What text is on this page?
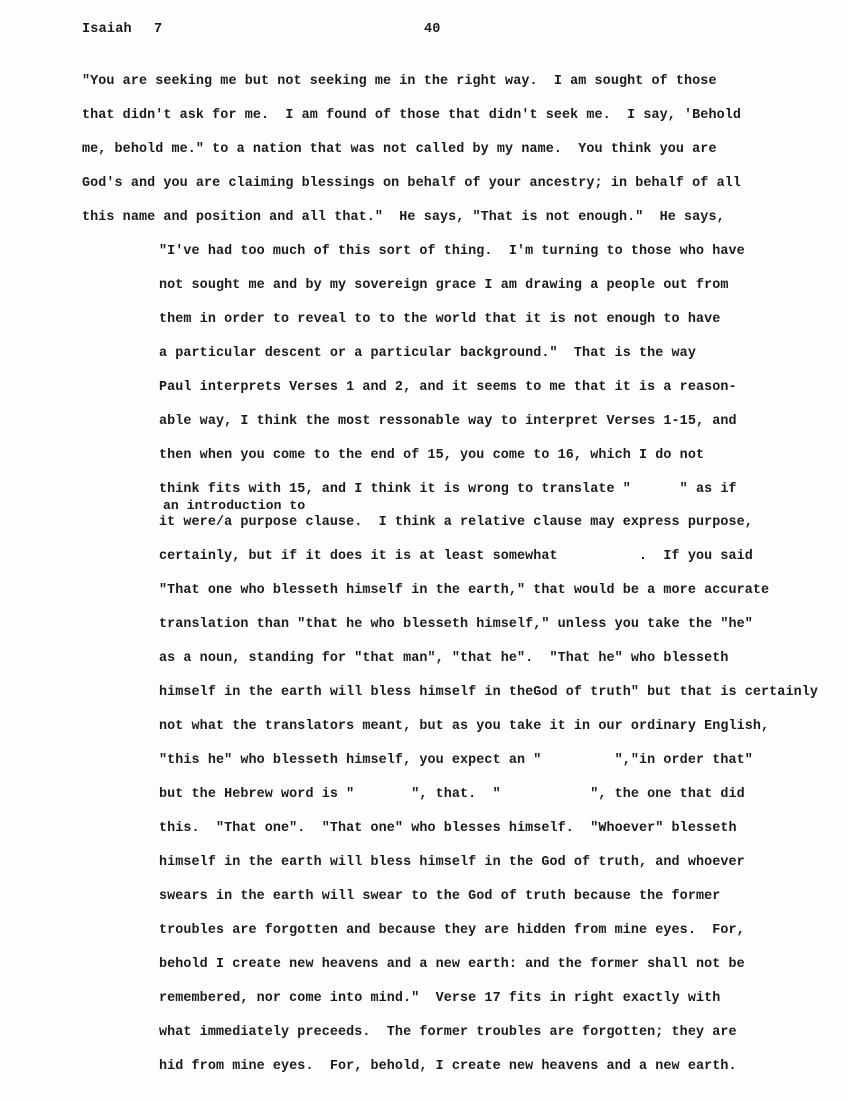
Isaiah 7	40
"You are seeking me but not seeking me in the right way.  I am sought of those
that didn't ask for me.  I am found of those that didn't seek me.  I say, 'Behold
me, behold me." to a nation that was not called by my name.  You think you are
God's and you are claiming blessings on behalf of your ancestry; in behalf of all
this name and position and all that."  He says, "That is not enough."  He says,
"I've had too much of this sort of thing.  I'm turning to those who have
not sought me and by my sovereign grace I am drawing a people out from
them in order to reveal to to the world that it is not enough to have
a particular descent or a particular background."  That is the way
Paul interprets Verses 1 and 2, and it seems to me that it is a reason-
able way, I think the most ressonable way to interpret Verses 1-15, and
then when you come to the end of 15, you come to 16, which I do not
think fits with 15, and I think it is wrong to translate "      " as if
an introduction to
it were/a purpose clause.  I think a relative clause may express purpose,
certainly, but if it does it is at least somewhat          .  If you said
"That one who blesseth himself in the earth," that would be a more accurate
translation than "that he who blesseth himself," unless you take the "he"
as a noun, standing for "that man", "that he".  "That he" who blesseth
himself in the earth will bless himself in theGod of truth" but that is certainly
not what the translators meant, but as you take it in our ordinary English,
"this he" who blesseth himself, you expect an "         ","in order that"
but the Hebrew word is "       ", that.  "           ", the one that did
this.  "That one".  "That one" who blesses himself.  "Whoever" blesseth
himself in the earth will bless himself in the God of truth, and whoever
swears in the earth will swear to the God of truth because the former
troubles are forgotten and because they are hidden from mine eyes.  For,
behold I create new heavens and a new earth: and the former shall not be
remembered, nor come into mind."  Verse 17 fits in right exactly with
what immediately preceeds.  The former troubles are forgotten; they are
hid from mine eyes.  For, behold, I create new heavens and a new earth.
